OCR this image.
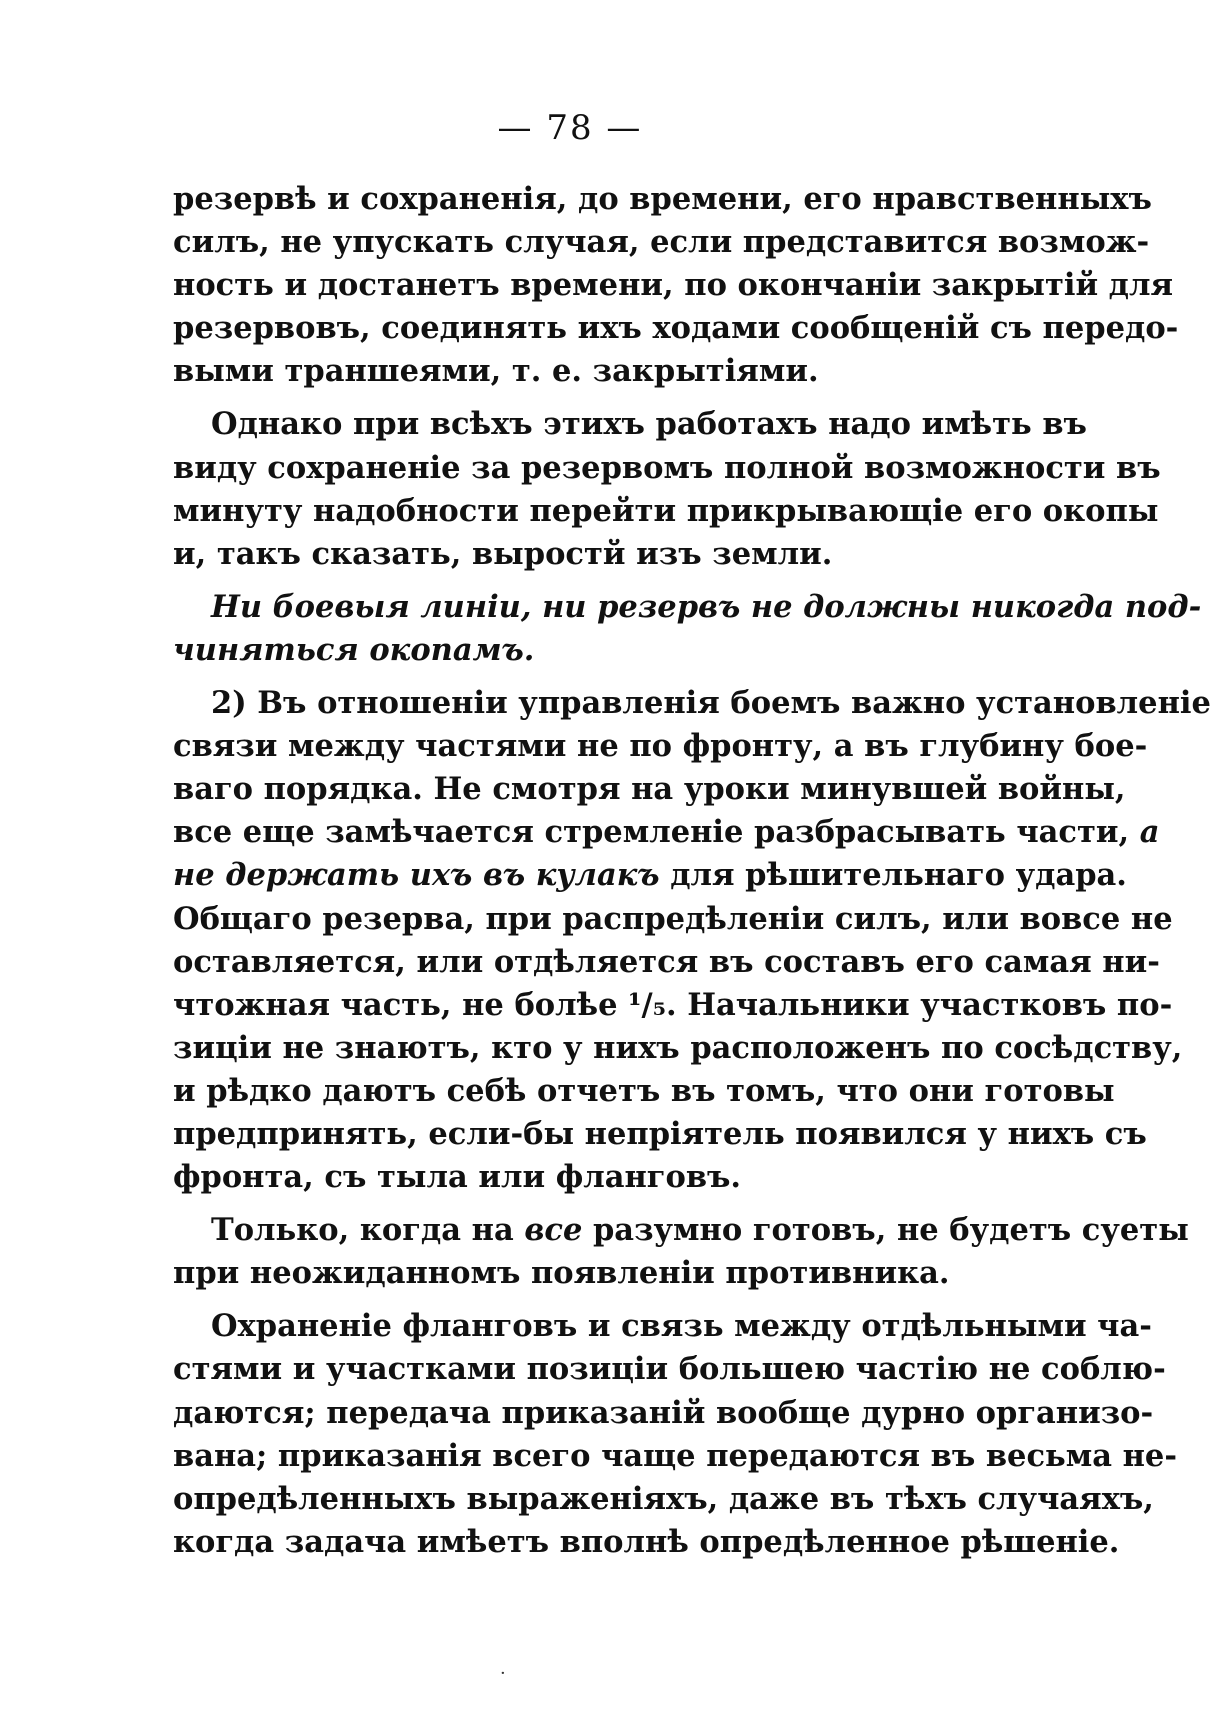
— 78 —
резервѣ и сохраненія, до времени, его нравственныхъ
силъ, не упускать случая, если представится возмож-
ность и достанетъ времени, по окончаніи закрытій для
резервовъ, соединять ихъ ходами сообщеній съ передо-
выми траншеями, т. е. закрытіями.
Однако при всѣхъ этихъ работахъ надо имѣть въ
виду сохраненіе за резервомъ полной возможности въ
минуту надобности перейти прикрывающіе его окопы
и, такъ сказать, выростй изъ земли.
Ни боевыя линіи, ни резервъ не должны никогда под-
чиняться окопамъ.
2) Въ отношеніи управленія боемъ важно установленіе
связи между частями не по фронту, а въ глубину бое-
ваго порядка. Не смотря на уроки минувшей войны,
все еще замѣчается стремленіе разбрасывать части, а
не держать ихъ въ кулакъ для рѣшительнаго удара.
Общаго резерва, при распредѣленіи силъ, или вовсе не
оставляется, или отдѣляется въ составъ его самая ни-
чтожная часть, не болѣе ¹/₅. Начальники участковъ по-
зиціи не знаютъ, кто у нихъ расположенъ по сосѣдству,
и рѣдко даютъ себѣ отчетъ въ томъ, что они готовы
предпринять, если-бы непріятель появился у нихъ съ
фронта, съ тыла или фланговъ.
Только, когда на все разумно готовъ, не будетъ суеты
при неожиданномъ появленіи противника.
Охраненіе фланговъ и связь между отдѣльными ча-
стями и участками позиціи большею частію не соблю-
даются; передача приказаній вообще дурно организо-
вана; приказанія всего чаще передаются въ весьма не-
опредѣленныхъ выраженіяхъ, даже въ тѣхъ случаяхъ,
когда задача имѣетъ вполнѣ опредѣленное рѣшеніе.
·
